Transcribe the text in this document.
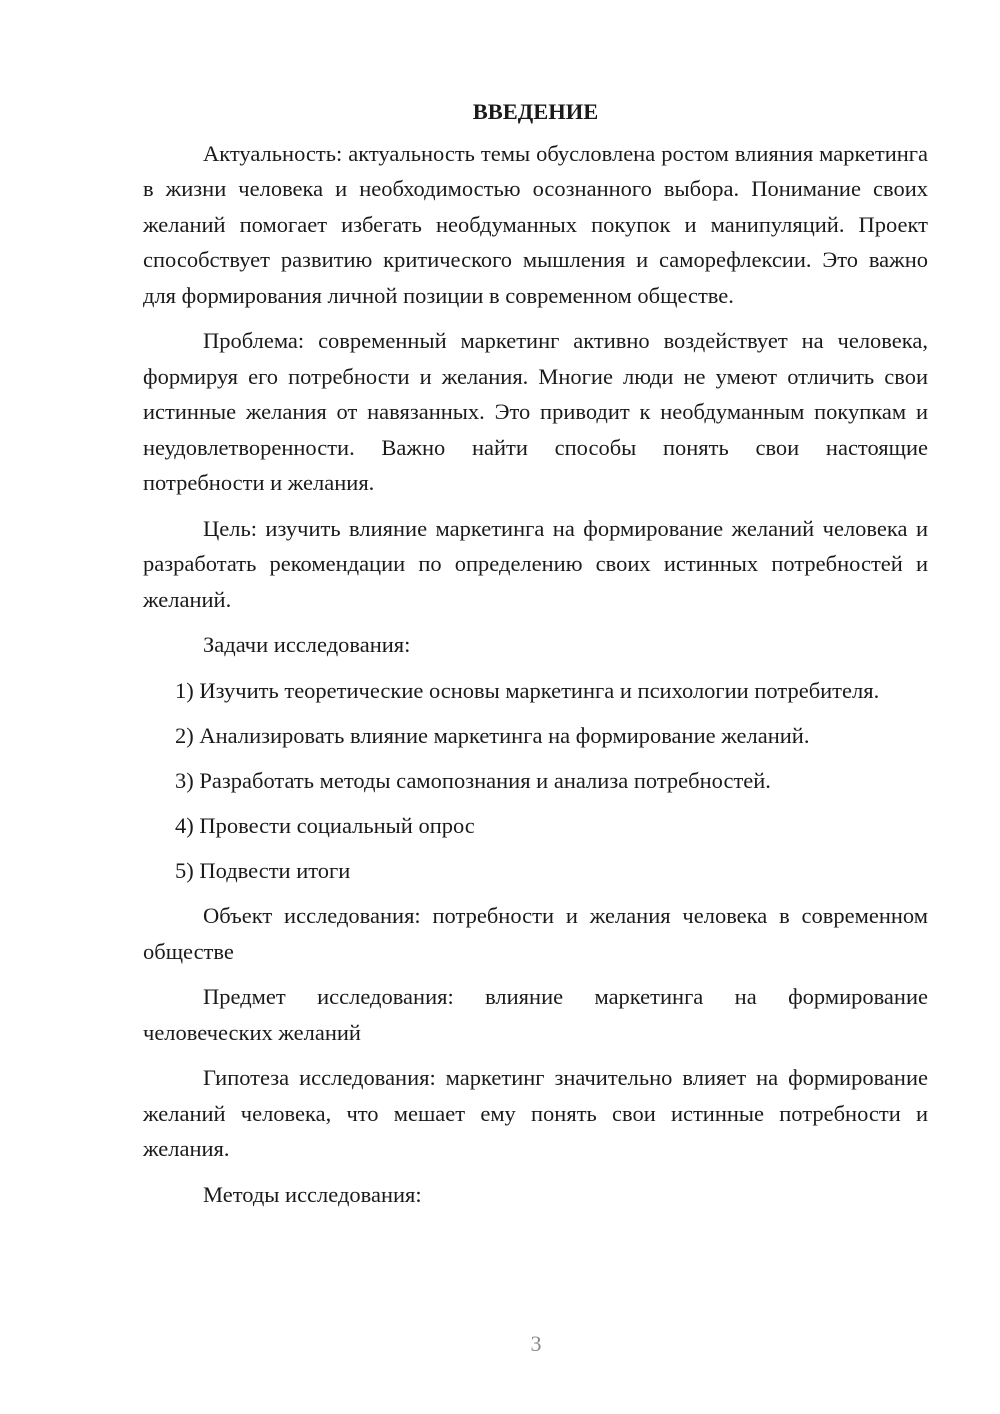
ВВЕДЕНИЕ

Актуальность: актуальность темы обусловлена ростом влияния маркетинга в жизни человека и необходимостью осознанного выбора. Понимание своих желаний помогает избегать необдуманных покупок и манипуляций. Проект способствует развитию критического мышления и саморефлексии. Это важно для формирования личной позиции в современном обществе.

Проблема: современный маркетинг активно воздействует на человека, формируя его потребности и желания. Многие люди не умеют отличить свои истинные желания от навязанных. Это приводит к необдуманным покупкам и неудовлетворенности. Важно найти способы понять свои настоящие потребности и желания.

Цель: изучить влияние маркетинга на формирование желаний человека и разработать рекомендации по определению своих истинных потребностей и желаний.

Задачи исследования:

1) Изучить теоретические основы маркетинга и психологии потребителя.

2) Анализировать влияние маркетинга на формирование желаний.

3) Разработать методы самопознания и анализа потребностей.

4) Провести социальный опрос

5) Подвести итоги

Объект исследования: потребности и желания человека в современном обществе

Предмет исследования: влияние маркетинга на формирование человеческих желаний

Гипотеза исследования: маркетинг значительно влияет на формирование желаний человека, что мешает ему понять свои истинные потребности и желания.

Методы исследования:

3
